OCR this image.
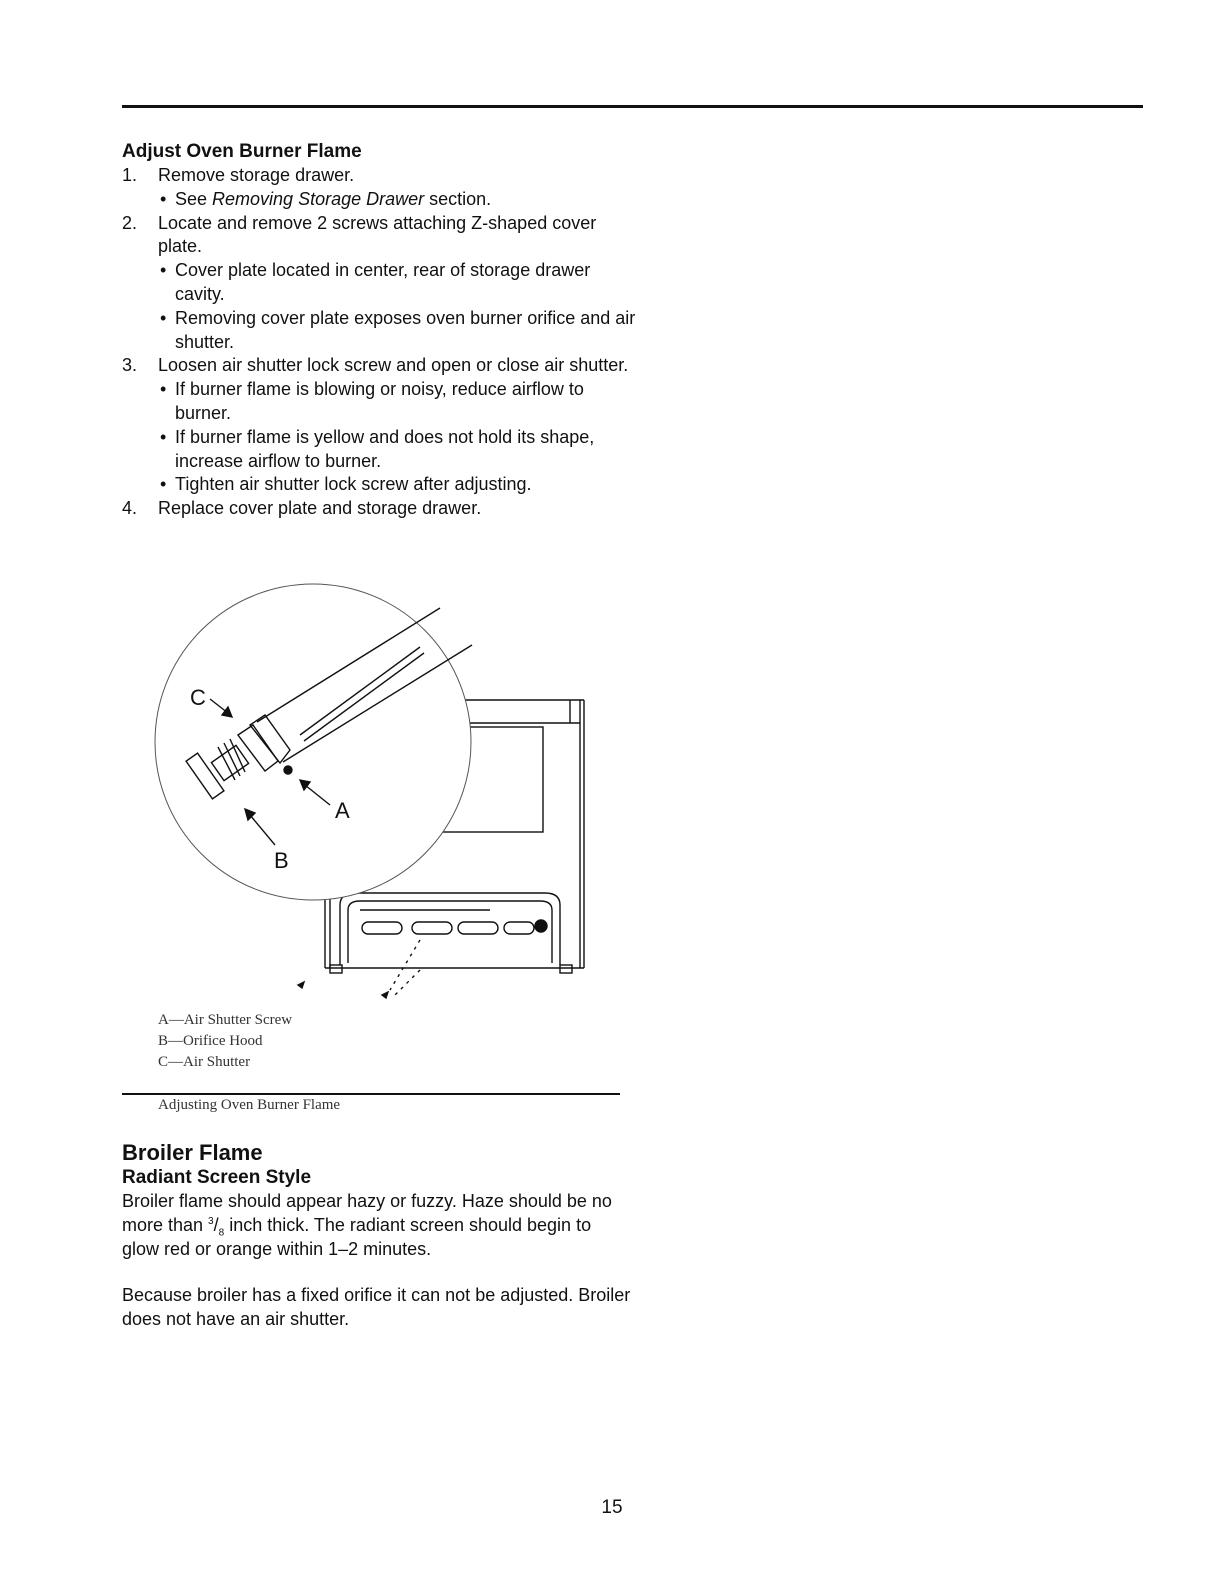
Adjust Oven Burner Flame
1. Remove storage drawer.
• See Removing Storage Drawer section.
2. Locate and remove 2 screws attaching Z-shaped cover plate.
• Cover plate located in center, rear of storage drawer cavity.
• Removing cover plate exposes oven burner orifice and air shutter.
3. Loosen air shutter lock screw and open or close air shutter.
• If burner flame is blowing or noisy, reduce airflow to burner.
• If burner flame is yellow and does not hold its shape, increase airflow to burner.
• Tighten air shutter lock screw after adjusting.
4. Replace cover plate and storage drawer.
C
A
B
A—Air Shutter Screw
B—Orifice Hood
C—Air Shutter
Adjusting Oven Burner Flame
Broiler Flame
Radiant Screen Style

Broiler flame should appear hazy or fuzzy. Haze should be no more than $^3/_8$ inch thick. The radiant screen should begin to glow red or orange within 1–2 minutes.

Because broiler has a fixed orifice it can not be adjusted. Broiler does not have an air shutter.

15
